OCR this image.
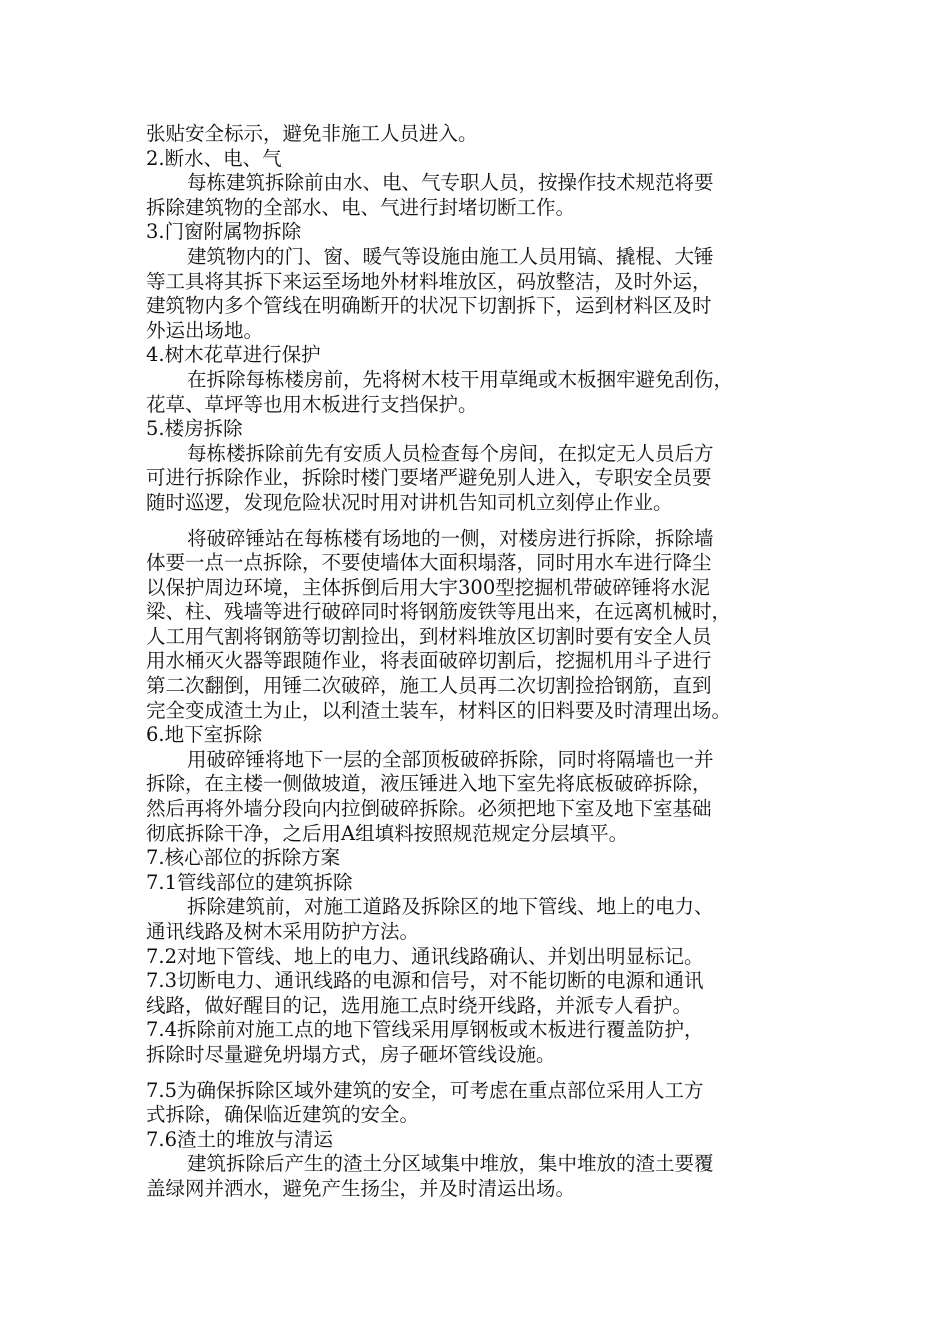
张贴安全标示，避免非施工人员进入。

2.断水、电、气

每栋建筑拆除前由水、电、气专职人员，按操作技术规范将要

拆除建筑物的全部水、电、气进行封堵切断工作。

3.门窗附属物拆除

建筑物内的门、窗、暖气等设施由施工人员用镐、撬棍、大锤

等工具将其拆下来运至场地外材料堆放区，码放整洁，及时外运，

建筑物内多个管线在明确断开的状况下切割拆下，运到材料区及时

外运出场地。

4.树木花草进行保护

在拆除每栋楼房前，先将树木枝干用草绳或木板捆牢避免刮伤，

花草、草坪等也用木板进行支挡保护。

5.楼房拆除

每栋楼拆除前先有安质人员检查每个房间，在拟定无人员后方

可进行拆除作业，拆除时楼门要堵严避免别人进入，专职安全员要

随时巡逻，发现危险状况时用对讲机告知司机立刻停止作业。

将破碎锤站在每栋楼有场地的一侧，对楼房进行拆除，拆除墙

体要一点一点拆除，不要使墙体大面积塌落，同时用水车进行降尘

以保护周边环境，主体拆倒后用大宇300型挖掘机带破碎锤将水泥

梁、柱、残墙等进行破碎同时将钢筋废铁等甩出来，在远离机械时，

人工用气割将钢筋等切割捡出，到材料堆放区切割时要有安全人员

用水桶灭火器等跟随作业，将表面破碎切割后，挖掘机用斗子进行

第二次翻倒，用锤二次破碎，施工人员再二次切割捡拾钢筋，直到

完全变成渣土为止，以利渣土装车，材料区的旧料要及时清理出场。

6.地下室拆除

用破碎锤将地下一层的全部顶板破碎拆除，同时将隔墙也一并

拆除，在主楼一侧做坡道，液压锤进入地下室先将底板破碎拆除，

然后再将外墙分段向内拉倒破碎拆除。必须把地下室及地下室基础

彻底拆除干净，之后用A组填料按照规范规定分层填平。

7.核心部位的拆除方案

7.1管线部位的建筑拆除

拆除建筑前，对施工道路及拆除区的地下管线、地上的电力、

通讯线路及树木采用防护方法。

7.2对地下管线、地上的电力、通讯线路确认、并划出明显标记。

7.3切断电力、通讯线路的电源和信号，对不能切断的电源和通讯

线路，做好醒目的记，选用施工点时绕开线路，并派专人看护。

7.4拆除前对施工点的地下管线采用厚钢板或木板进行覆盖防护，

拆除时尽量避免坍塌方式，房子砸坏管线设施。

7.5为确保拆除区域外建筑的安全，可考虑在重点部位采用人工方

式拆除，确保临近建筑的安全。

7.6渣土的堆放与清运

建筑拆除后产生的渣土分区域集中堆放，集中堆放的渣土要覆

盖绿网并洒水，避免产生扬尘，并及时清运出场。
